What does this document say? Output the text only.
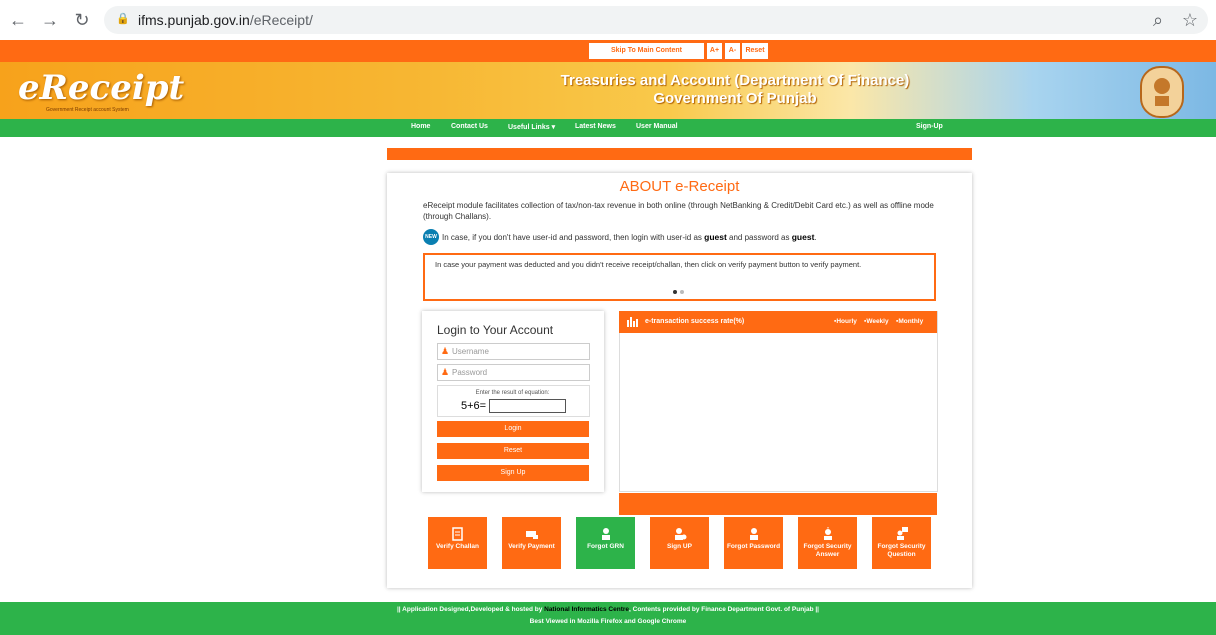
← → ↻ 🔒 ifms.punjab.gov.in/eReceipt/	⌕ ☆
Skip To Main Content	A+	A-	Reset
eReceipt
Government Receipt account System
Treasuries and Account (Department Of Finance)
Government Of Punjab
Home	Contact Us	Useful Links ▾	Latest News	User Manual	Sign-Up
ABOUT e-Receipt
eReceipt module facilitates collection of tax/non-tax revenue in both online (through NetBanking & Credit/Debit Card etc.) as well as offline mode (through Challans).
NEW In case, if you don't have user-id and password, then login with user-id as guest and password as guest.
In case your payment was deducted and you didn't receive receipt/challan, then click on verify payment button to verify payment.
Login to Your Account
♟ Username
♟ Password
Enter the result of equation:
5+6=
Login
Reset
Sign Up
e-transaction success rate(%)	▪Hourly ▪Weekly ▪Monthly
Verify Challan	Verify Payment	Forgot GRN	Sign UP	Forgot Password	Forgot Security Answer
Forgot Security Question
|| Application Designed,Developed & hosted by National Informatics Centre, Contents provided by Finance Department Govt. of Punjab ||
Best Viewed in Mozilla Firefox and Google Chrome
